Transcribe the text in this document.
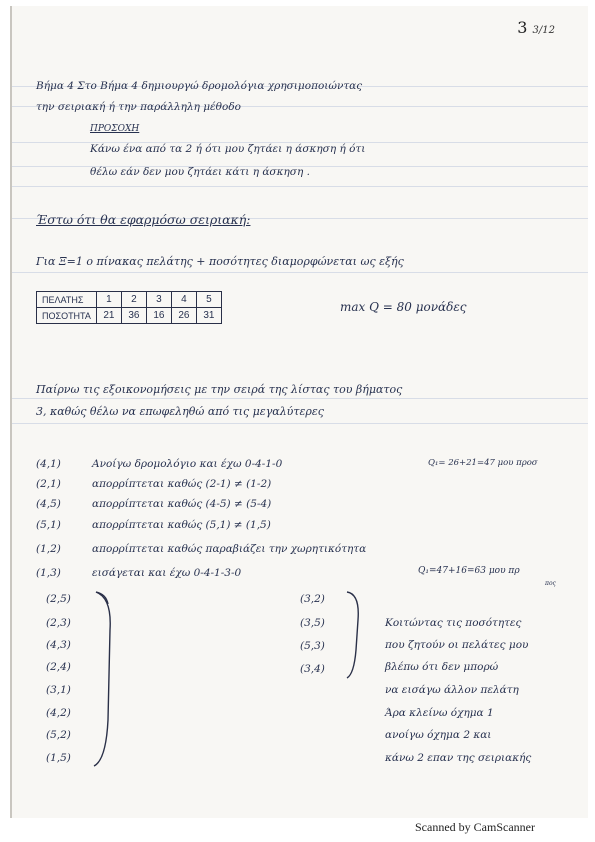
3 3/12
Βήμα 4 Στο Βήμα 4 δημιουργώ δρομολόγια χρησιμοποιώντας
την σειριακή ή την παράλληλη μέθοδο
ΠΡΟΣΟΧΗ
Κάνω ένα από τα 2 ή ότι μου ζητάει η άσκηση ή ότι
θέλω εάν δεν μου ζητάει κάτι η άσκηση .
Έστω ότι θα εφαρμόσω σειριακή:
Για Ξ=1 ο πίνακας πελάτης + ποσότητες διαμορφώνεται ως εξής
ΠΕΛΑΤΗΣ	1	2	3	4	5
ΠΟΣΟΤΗΤΑ	21	36	16	26	31
max Q = 80 μονάδες
Παίρνω τις εξοικονομήσεις με την σειρά της λίστας του βήματος
3, καθώς θέλω να επωφεληθώ από τις μεγαλύτερες
(4,1)	Ανοίγω δρομολόγιο και έχω 0-4-1-0	Q₁= 26+21=47 μου προσ
(2,1)	απορρίπτεται καθώς (2-1) ≠ (1-2)
(4,5)	απορρίπτεται καθώς (4-5) ≠ (5-4)
(5,1)	απορρίπτεται καθώς (5,1) ≠ (1,5)
(1,2)	απορρίπτεται καθώς παραβιάζει την χωρητικότητα
(1,3)	εισάγεται και έχω 0-4-1-3-0	Q₁=47+16=63 μου πρ
πος
(2,5)
(2,3)
(4,3)
(2,4)
(3,1)
(4,2)
(5,2)
(1,5)
(3,2)
(3,5)
(5,3)
(3,4)
Κοιτώντας τις ποσότητες
που ζητούν οι πελάτες μου
βλέπω ότι δεν μπορώ
να εισάγω άλλον πελάτη
Άρα κλείνω όχημα 1
ανοίγω όχημα 2 και
κάνω 2 επαν της σειριακής
Scanned by CamScanner
